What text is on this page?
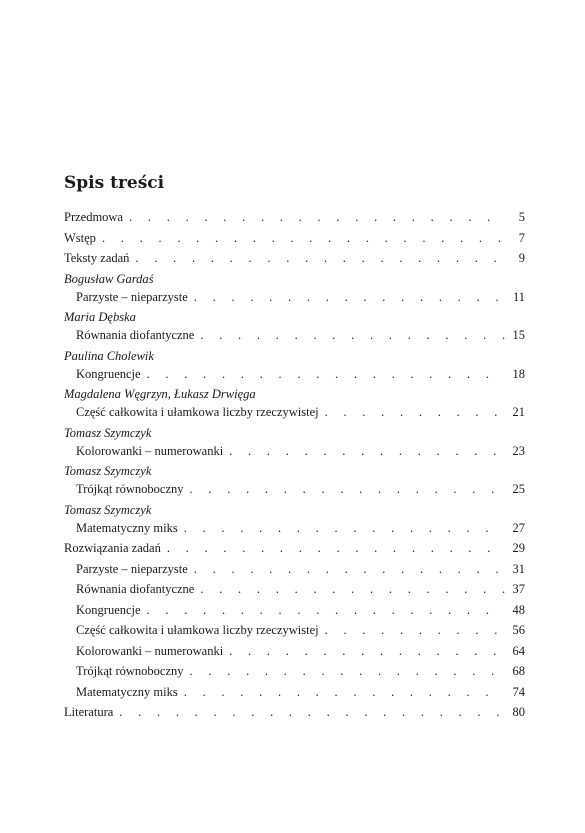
Spis treści
Przedmowa . . .	5
Wstęp . . .	7
Teksty zadań . . .	9
Bogusław Gardaś
Parzyste – nieparzyste . . .	11
Maria Dębska
Równania diofantyczne . . .	15
Paulina Cholewik
Kongruencje . . .	18
Magdalena Węgrzyn, Łukasz Drwięga
Część całkowita i ułamkowa liczby rzeczywistej . . .	21
Tomasz Szymczyk
Kolorowanki – numerowanki . . .	23
Tomasz Szymczyk
Trójkąt równoboczny . . .	25
Tomasz Szymczyk
Matematyczny miks . . .	27
Rozwiązania zadań . . .	29
Parzyste – nieparzyste . . .	31
Równania diofantyczne . . .	37
Kongruencje . . .	48
Część całkowita i ułamkowa liczby rzeczywistej . . .	56
Kolorowanki – numerowanki . . .	64
Trójkąt równoboczny . . .	68
Matematyczny miks . . .	74
Literatura . . .	80
